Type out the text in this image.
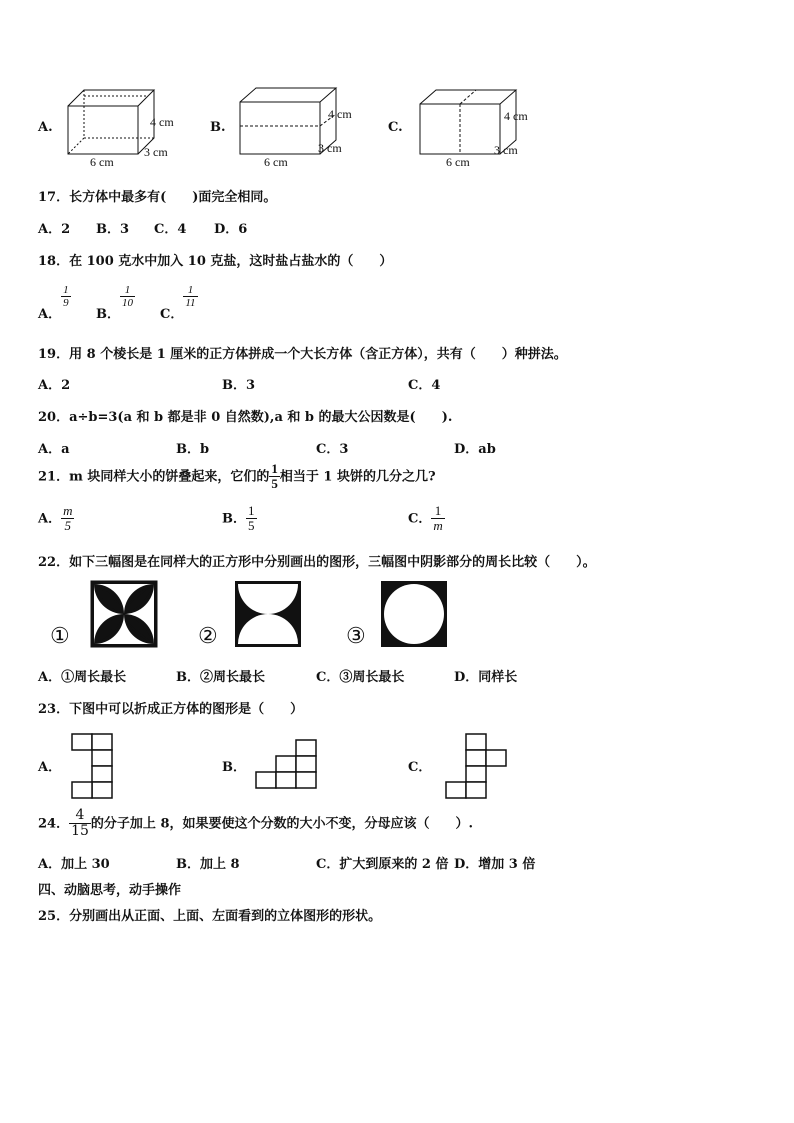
A.	4 cm
3 cm
6 cm
B.
4 cm
3 cm
6 cm
C.
4 cm
3 cm
6 cm
17．长方体中最多有(　　)面完全相同。
A．2 B．3 C．4 D．6
18．在 100 克水中加入 10 克盐，这时盐占盐水的（　　）
A．
$\frac{1}{9}$
B．
$\frac{1}{10}$
C．
$\frac{1}{11}$
19．用 8 个棱长是 1 厘米的正方体拼成一个大长方体（含正方体），共有（　　）种拼法。
A．2	B．3	C．4
20．a÷b=3(a 和 b 都是非 0 自然数),a 和 b 的最大公因数是(　　).
A．a	B．b	C．3	D．ab
21．m 块同样大小的饼叠起来，它们的 $\frac{1}{5}$ 相当于 1 块饼的几分之几?
A． $\frac{m}{5}$	B． $\frac{1}{5}$	C． $\frac{1}{m}$
22．如下三幅图是在同样大的正方形中分别画出的图形，三幅图中阴影部分的周长比较（　　）。
①	②	③
A．①周长最长	B．②周长最长	C．③周长最长	D．同样长
23．下图中可以折成正方体的图形是（　　）
A．	B．	C．
24． $\frac{4}{15}$ 的分子加上 8，如果要使这个分数的大小不变，分母应该（　　）.
A．加上 30	B．加上 8	C．扩大到原来的 2 倍 D．增加 3 倍
四、动脑思考，动手操作
25．分别画出从正面、上面、左面看到的立体图形的形状。
